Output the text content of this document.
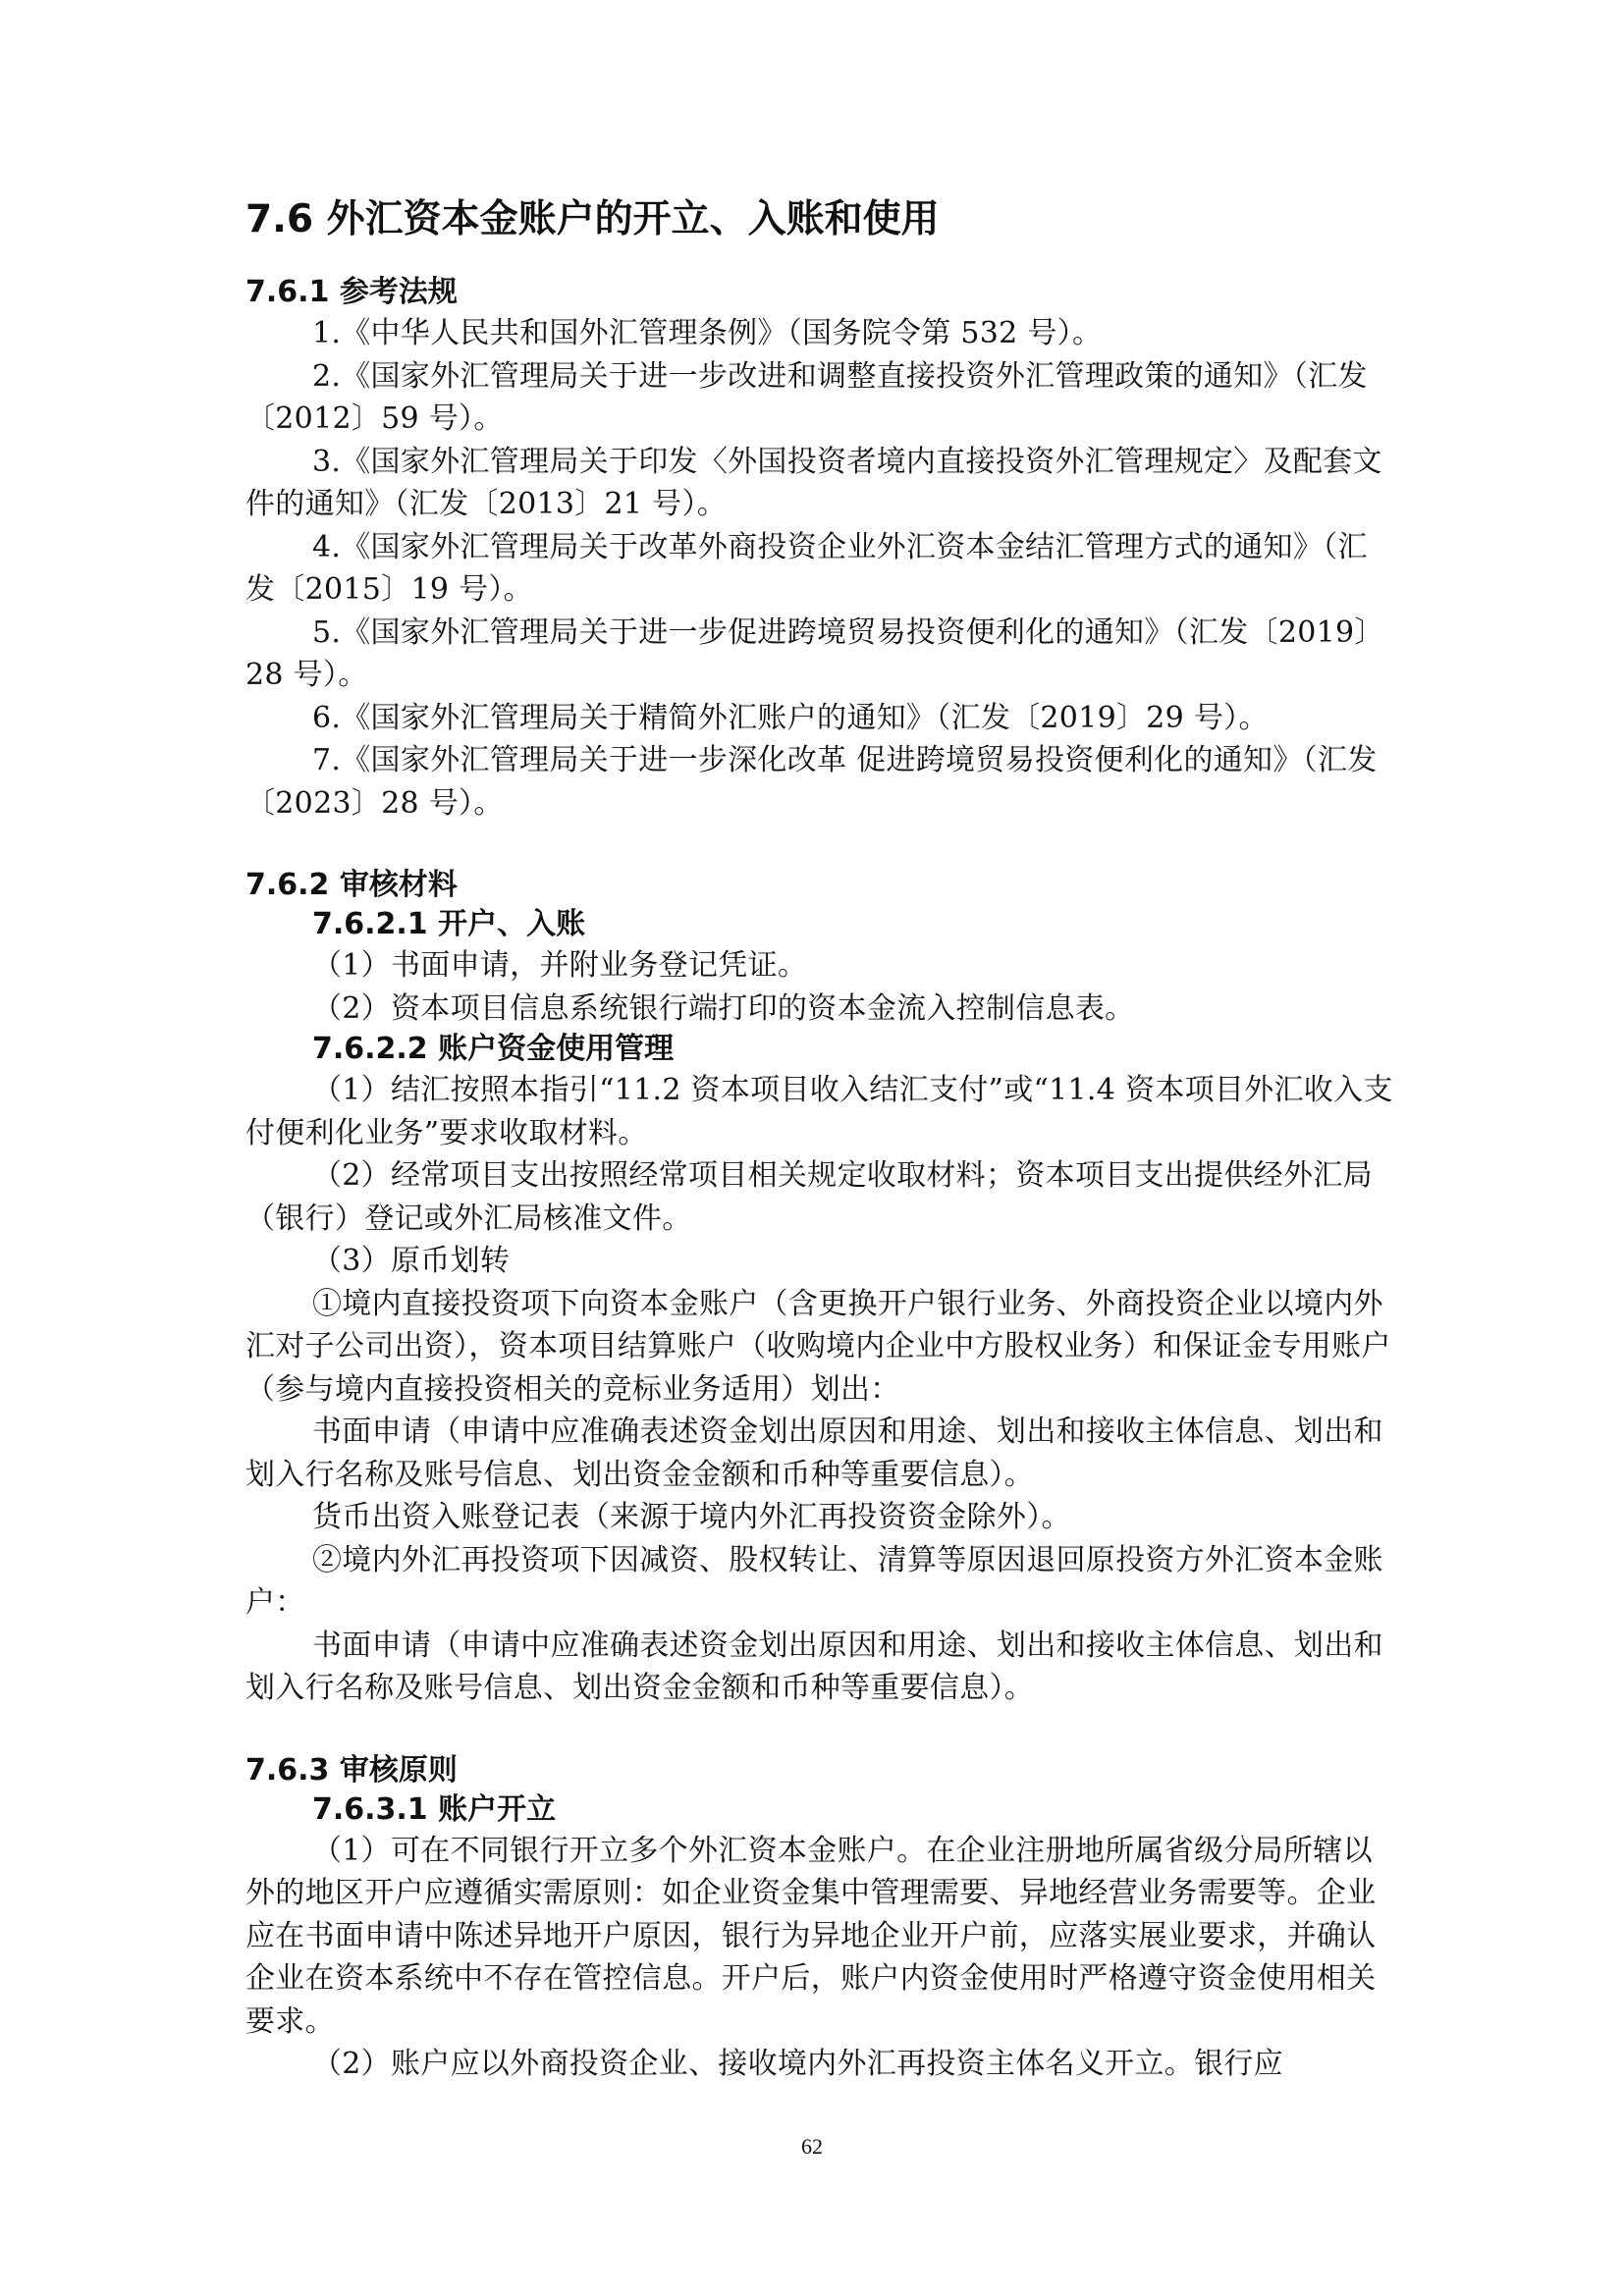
7.6 外汇资本金账户的开立、入账和使用
7.6.1 参考法规

1.《中华人民共和国外汇管理条例》（国务院令第 532 号）。

2.《国家外汇管理局关于进一步改进和调整直接投资外汇管理政策的通知》（汇发〔2012〕59 号）。

3.《国家外汇管理局关于印发〈外国投资者境内直接投资外汇管理规定〉及配套文件的通知》（汇发〔2013〕21 号）。

4.《国家外汇管理局关于改革外商投资企业外汇资本金结汇管理方式的通知》（汇发〔2015〕19 号）。

5.《国家外汇管理局关于进一步促进跨境贸易投资便利化的通知》（汇发〔2019〕28 号）。

6.《国家外汇管理局关于精简外汇账户的通知》（汇发〔2019〕29 号）。

7.《国家外汇管理局关于进一步深化改革 促进跨境贸易投资便利化的通知》（汇发〔2023〕28 号）。

7.6.2 审核材料
7.6.2.1 开户、入账

（1）书面申请，并附业务登记凭证。

（2）资本项目信息系统银行端打印的资本金流入控制信息表。

7.6.2.2 账户资金使用管理

（1）结汇按照本指引“11.2 资本项目收入结汇支付”或“11.4 资本项目外汇收入支付便利化业务”要求收取材料。

（2）经常项目支出按照经常项目相关规定收取材料；资本项目支出提供经外汇局（银行）登记或外汇局核准文件。

（3）原币划转

①境内直接投资项下向资本金账户（含更换开户银行业务、外商投资企业以境内外汇对子公司出资），资本项目结算账户（收购境内企业中方股权业务）和保证金专用账户（参与境内直接投资相关的竞标业务适用）划出：

书面申请（申请中应准确表述资金划出原因和用途、划出和接收主体信息、划出和划入行名称及账号信息、划出资金金额和币种等重要信息）。

货币出资入账登记表（来源于境内外汇再投资资金除外）。

②境内外汇再投资项下因减资、股权转让、清算等原因退回原投资方外汇资本金账户：

书面申请（申请中应准确表述资金划出原因和用途、划出和接收主体信息、划出和划入行名称及账号信息、划出资金金额和币种等重要信息）。

7.6.3 审核原则
7.6.3.1 账户开立

（1）可在不同银行开立多个外汇资本金账户。在企业注册地所属省级分局所辖以外的地区开户应遵循实需原则：如企业资金集中管理需要、异地经营业务需要等。企业应在书面申请中陈述异地开户原因，银行为异地企业开户前，应落实展业要求，并确认企业在资本系统中不存在管控信息。开户后，账户内资金使用时严格遵守资金使用相关要求。

（2）账户应以外商投资企业、接收境内外汇再投资主体名义开立。银行应

62
